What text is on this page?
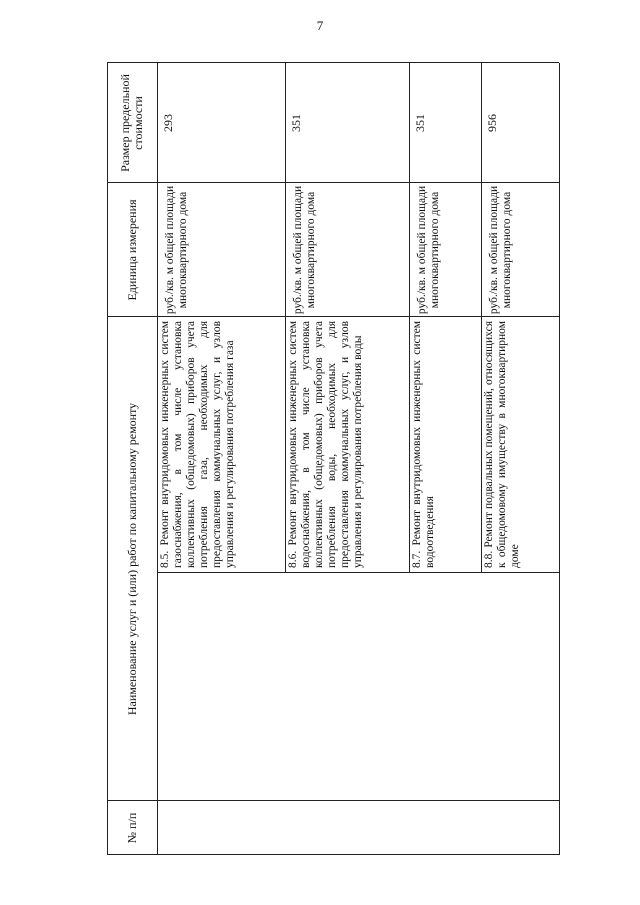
7
№ п/п
Наименование услуг и (или) работ по капитальному ремонту
Единица измерения
Размер предельной стоимости
8.5. Ремонт внутридомовых инженерных систем газоснабжения, в том числе установка коллективных (общедомовых) приборов учета потребления газа, необходимых для предоставления коммунальных услуг, и узлов управления и регулирования потребления газа
руб./кв. м общей площади многоквартирного дома
293
8.6. Ремонт внутридомовых инженерных систем водоснабжения, в том числе установка коллективных (общедомовых) приборов учета потребления воды, необходимых для предоставления коммунальных услуг, и узлов управления и регулирования потребления воды
руб./кв. м общей площади многоквартирного дома
351
8.7. Ремонт внутридомовых инженерных систем водоотведения
руб./кв. м общей площади многоквартирного дома
351
8.8. Ремонт подвальных помещений, относящихся к общедомовому имуществу в многоквартирном доме
руб./кв. м общей площади многоквартирного дома
956
